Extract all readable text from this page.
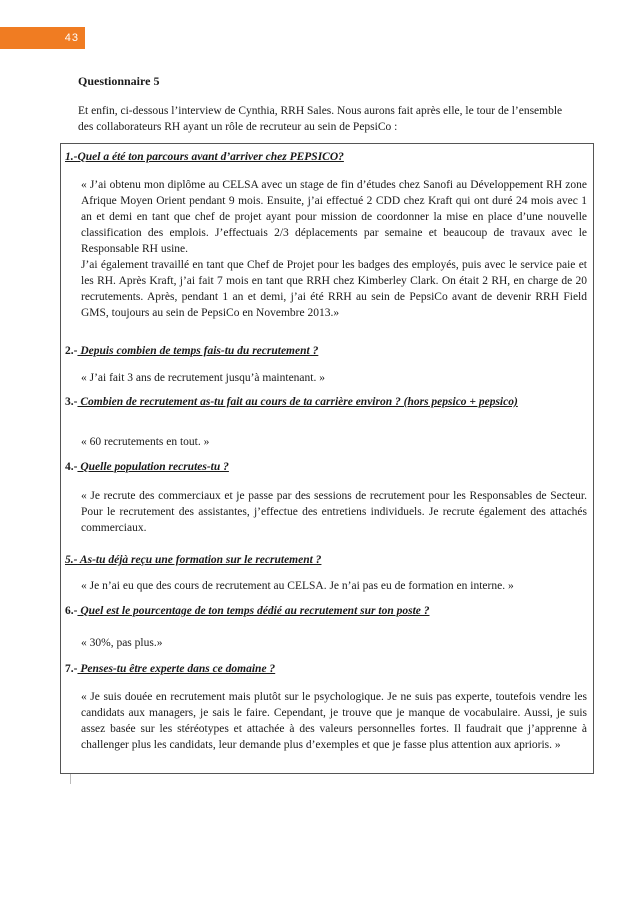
43
Questionnaire 5
Et enfin, ci-dessous l’interview de Cynthia, RRH Sales. Nous aurons fait après elle, le tour de l’ensemble des collaborateurs RH ayant un rôle de recruteur au sein de PepsiCo :
1.-Quel a été ton parcours avant d’arriver chez PEPSICO?

« J’ai obtenu mon diplôme au CELSA avec un stage de fin d’études chez Sanofi au Développement RH zone Afrique Moyen Orient pendant 9 mois. Ensuite, j’ai effectué 2 CDD chez Kraft qui ont duré 24 mois avec 1 an et demi en tant que chef de projet ayant pour mission de coordonner la mise en place d’une nouvelle classification des emplois. J’effectuais 2/3 déplacements par semaine et beaucoup de travaux avec le Responsable RH usine.

J’ai également travaillé en tant que Chef de Projet pour les badges des employés, puis avec le service paie et les RH. Après Kraft, j’ai fait 7 mois en tant que RRH chez Kimberley Clark. On était 2 RH, en charge de 20 recrutements. Après, pendant 1 an et demi, j’ai été RRH au sein de PepsiCo avant de devenir RRH Field GMS, toujours au sein de PepsiCo en Novembre 2013.»

2.- Depuis combien de temps fais-tu du recrutement ?

« J’ai fait 3 ans de recrutement jusqu’à maintenant. »

3.- Combien de recrutement as-tu fait au cours de ta carrière environ ? (hors pepsico + pepsico)

« 60 recrutements en tout. »

4.- Quelle population recrutes-tu ?

« Je recrute des commerciaux et je passe par des sessions de recrutement pour les Responsables de Secteur. Pour le recrutement des assistantes, j’effectue des entretiens individuels. Je recrute également des attachés commerciaux.

5.- As-tu déjà reçu une formation sur le recrutement ?

« Je n’ai eu que des cours de recrutement au CELSA. Je n’ai pas eu de formation en interne. »

6.- Quel est le pourcentage de ton temps dédié au recrutement sur ton poste ?

« 30%, pas plus.»

7.- Penses-tu être experte dans ce domaine ?

« Je suis douée en recrutement mais plutôt sur le psychologique. Je ne suis pas experte, toutefois vendre les candidats aux managers, je sais le faire. Cependant, je trouve que je manque de vocabulaire. Aussi, je suis assez basée sur les stéréotypes et attachée à des valeurs personnelles fortes. Il faudrait que j’apprenne à challenger plus les candidats, leur demande plus d’exemples et que je fasse plus attention aux aprioris. »
